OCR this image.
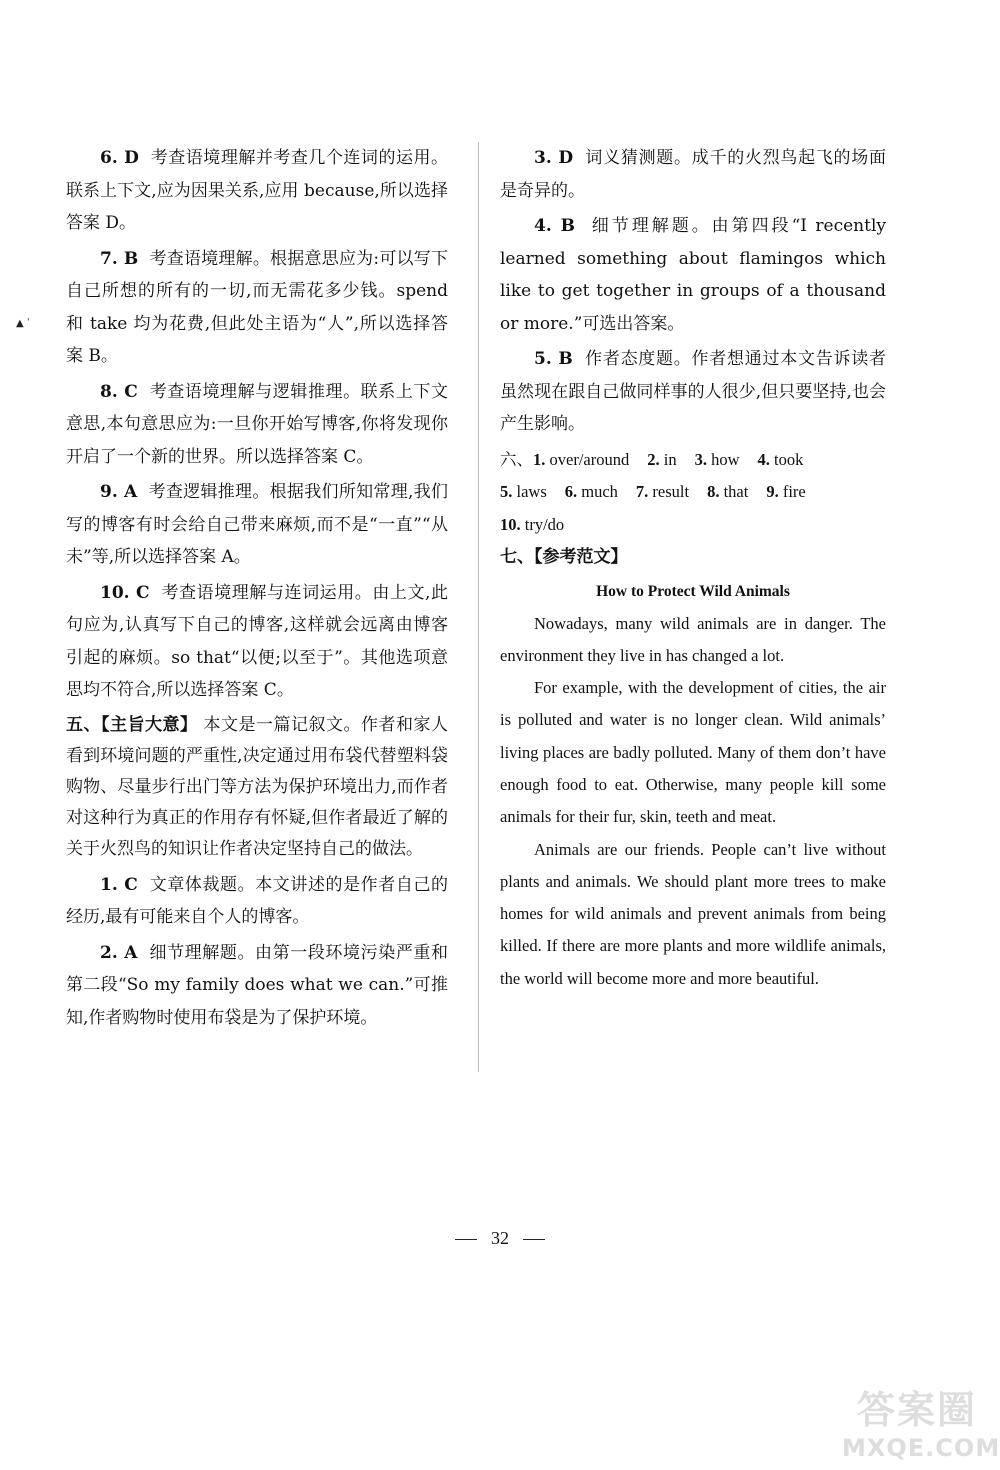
▲ ˈ

6. D 考查语境理解并考查几个连词的运用。联系上下文,应为因果关系,应用 because,所以选择答案 D。

7. B 考查语境理解。根据意思应为:可以写下自己所想的所有的一切,而无需花多少钱。spend 和 take 均为花费,但此处主语为“人”,所以选择答案 B。

8. C 考查语境理解与逻辑推理。联系上下文意思,本句意思应为:一旦你开始写博客,你将发现你开启了一个新的世界。所以选择答案 C。

9. A 考查逻辑推理。根据我们所知常理,我们写的博客有时会给自己带来麻烦,而不是“一直”“从未”等,所以选择答案 A。

10. C 考查语境理解与连词运用。由上文,此句应为,认真写下自己的博客,这样就会远离由博客引起的麻烦。so that“以便;以至于”。其他选项意思均不符合,所以选择答案 C。

五、【主旨大意】 本文是一篇记叙文。作者和家人看到环境问题的严重性,决定通过用布袋代替塑料袋购物、尽量步行出门等方法为保护环境出力,而作者对这种行为真正的作用存有怀疑,但作者最近了解的关于火烈鸟的知识让作者决定坚持自己的做法。

1. C 文章体裁题。本文讲述的是作者自己的经历,最有可能来自个人的博客。

2. A 细节理解题。由第一段环境污染严重和第二段“So my family does what we can.”可推知,作者购物时使用布袋是为了保护环境。

3. D 词义猜测题。成千的火烈鸟起飞的场面是奇异的。

4. B 细节理解题。由第四段“I recently learned something about flamingos which like to get together in groups of a thousand or more.”可选出答案。

5. B 作者态度题。作者想通过本文告诉读者虽然现在跟自己做同样事的人很少,但只要坚持,也会产生影响。

六、 1. over/around 2. in 3. how 4. took
5. laws 6. much 7. result 8. that 9. fire
10. try/do

七、【参考范文】

How to Protect Wild Animals

Nowadays, many wild animals are in danger. The environment they live in has changed a lot.

For example, with the development of cities, the air is polluted and water is no longer clean. Wild animals’ living places are badly polluted. Many of them don’t have enough food to eat. Otherwise, many people kill some animals for their fur, skin, teeth and meat.

Animals are our friends. People can’t live without plants and animals. We should plant more trees to make homes for wild animals and prevent animals from being killed. If there are more plants and more wildlife animals, the world will become more and more beautiful.

32
答案圈
MXQE.COM
